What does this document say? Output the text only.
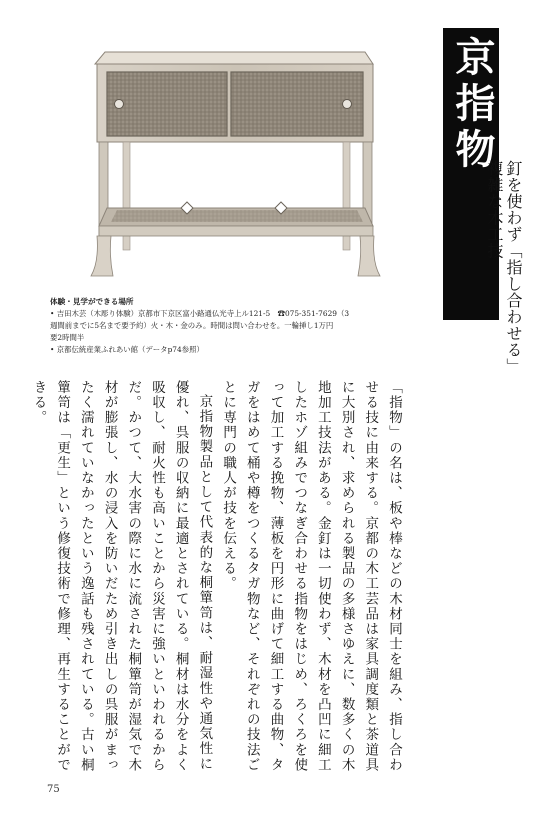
体験・見学ができる場所
• 吉田木芸（木彫り体験）京都市下京区富小路通仏光寺上ル121-5　☎075-351-7629（3
週間前までに5名まで要予約）火・木・金のみ。時間は問い合わせを。一輪挿し1万円
要2時間半
• 京都伝統産業ふれあい館（データp74参照）
京指物
釘を使わず「指し合わせる」
複雑な木工技

「指物」の名は、板や棒などの木材同士を組み、指し合わせる技に由来する。京都の木工芸品は家具調度類と茶道具に大別され、求められる製品の多様さゆえに、数多くの木地加工技法がある。金釘は一切使わず、木材を凸凹に細工したホゾ組みでつなぎ合わせる指物をはじめ、ろくろを使って加工する挽物、薄板を円形に曲げて細工する曲物、タガをはめて桶や樽をつくるタガ物など、それぞれの技法ごとに専門の職人が技を伝える。

京指物製品として代表的な桐簞笥は、耐湿性や通気性に優れ、呉服の収納に最適とされている。桐材は水分をよく吸収し、耐火性も高いことから災害に強いといわれるからだ。かつて、大水害の際に水に流された桐簞笥が湿気で木材が膨張し、水の浸入を防いだため引き出しの呉服がまったく濡れていなかったという逸話も残されている。古い桐簞笥は「更生」という修復技術で修理、再生することができる。

75
